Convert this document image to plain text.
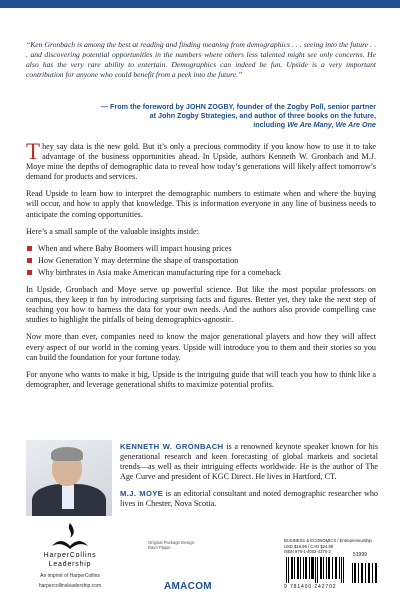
“Ken Gronbach is among the best at reading and finding meaning from demographics . . . seeing into the future . . . and discovering potential opportunities in the numbers where others less talented might see only concerns. He also has the very rare ability to entertain. Demographics can indeed be fun. Upside is a very important contribution for anyone who could benefit from a peek into the future.”

— From the foreword by JOHN ZOGBY, founder of the Zogby Poll, senior partner
at John Zogby Strategies, and author of three books on the future,
including We Are Many, We Are One

They say data is the new gold. But it’s only a precious commodity if you know how to use it to take advantage of the business opportunities ahead. In Upside, authors Kenneth W. Gronbach and M.J. Moye mine the depths of demographic data to reveal how today’s generations will likely affect tomorrow’s demand for products and services.

Read Upside to learn how to interpret the demographic numbers to estimate when and where the buying will occur, and how to apply that knowledge. This is information everyone in any line of business needs to anticipate the coming opportunities.

Here’s a small sample of the valuable insights inside:

When and where Baby Boomers will impact housing prices
How Generation Y may determine the shape of transportation
Why birthrates in Asia make American manufacturing ripe for a comeback

In Upside, Gronbach and Moye serve up powerful science. But like the most popular professors on campus, they keep it fun by introducing surprising facts and figures. Better yet, they take the next step of teaching you how to harness the data for your own needs. And the authors also provide compelling case studies to highlight the pitfalls of being demographics-agnostic.

Now more than ever, companies need to know the major generational players and how they will affect every aspect of our world in the coming years. Upside will introduce you to them and their stories so you can build the foundation for your fortune today.

For anyone who wants to make it big, Upside is the intriguing guide that will teach you how to think like a demographer, and leverage generational shifts to maximize potential profits.

KENNETH W. GRONBACH is a renowned keynote speaker known for his generational research and keen forecasting of global markets and societal trends—as well as their intriguing effects worldwide. He is the author of The Age Curve and president of KGC Direct. He lives in Hartford, CT.

M.J. MOYE is an editorial consultant and noted demographic researcher who lives in Chester, Nova Scotia.

HarperCollins
Leadership
An imprint of HarperCollins
harpercollinsleadership.com
Original Package Design:
Ravn Pippin
AMACOM
BUSINESS & ECONOMICS / Entrepreneurship
USD $19.99 / CAD $24.99
ISBN 978-1-4002-4270-2
51999
9 781400 242702
